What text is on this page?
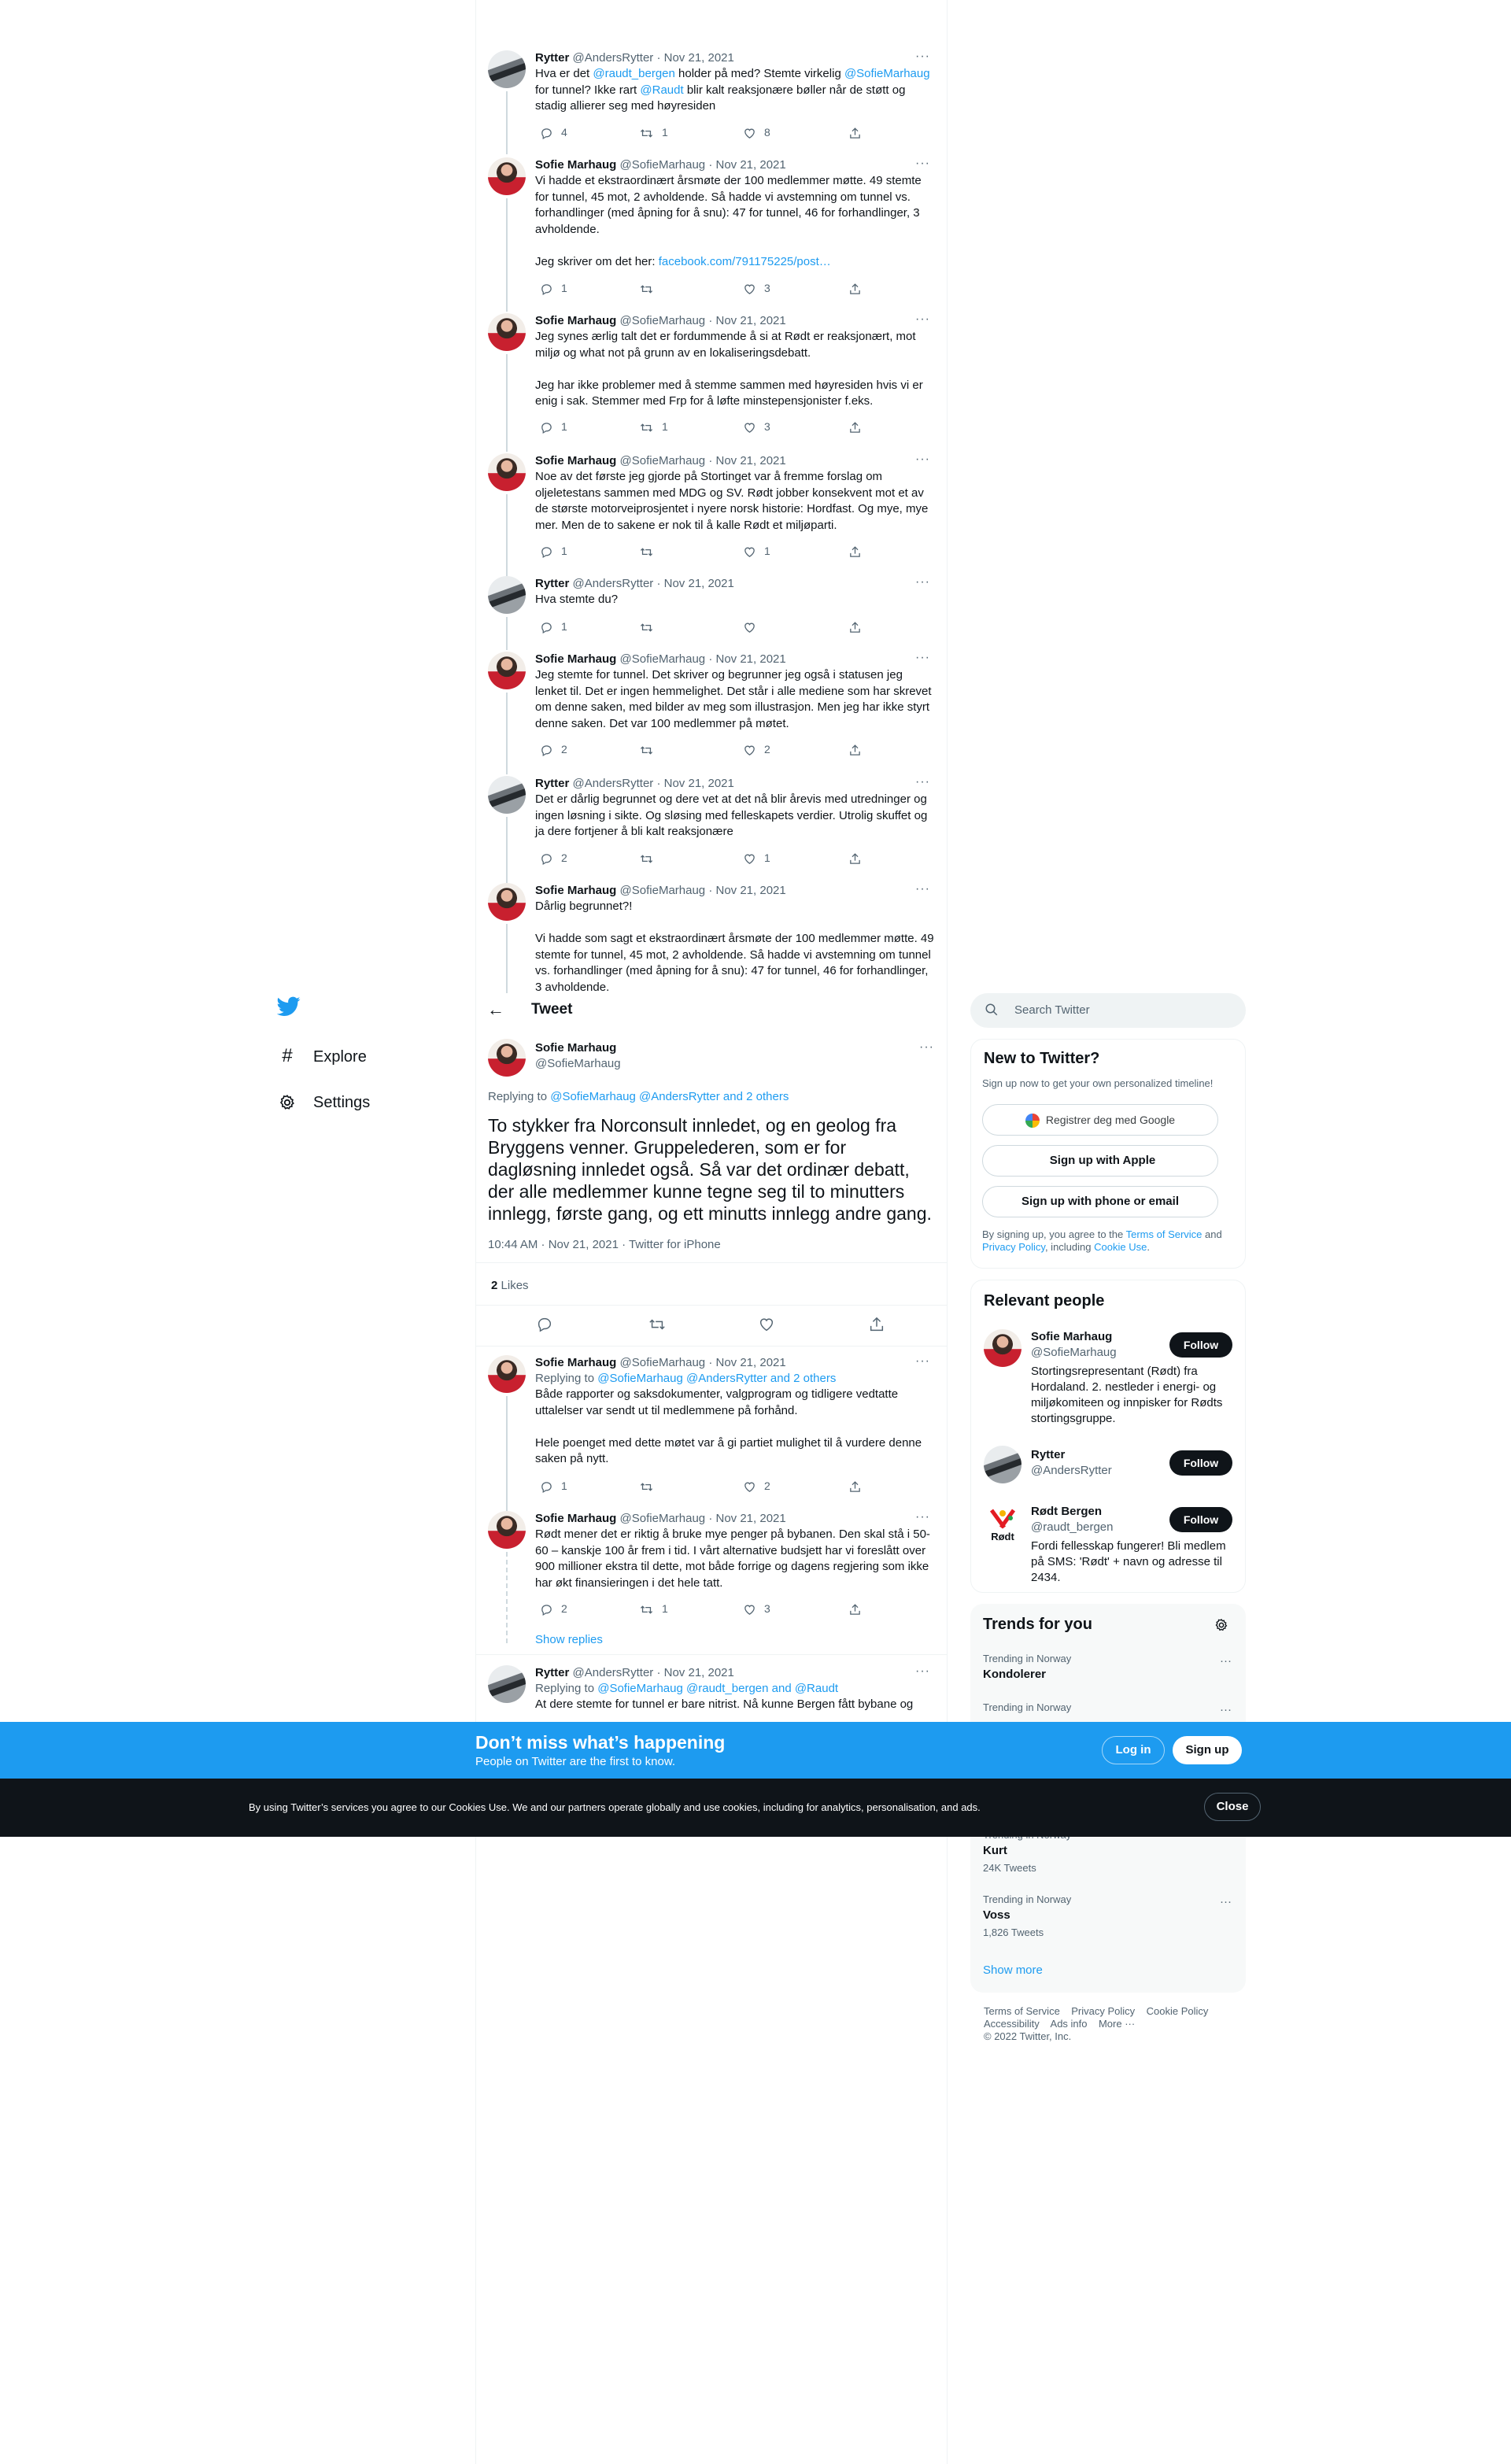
Rytter @AndersRytter · Nov 21, 2021	···
Hva er det @raudt_bergen holder på med? Stemte virkelig @SofieMarhaug for tunnel? Ikke rart @Raudt blir kalt reaksjonære bøller når de støtt og stadig allierer seg med høyresiden
4	1	8
Sofie Marhaug @SofieMarhaug · Nov 21, 2021	···
Vi hadde et ekstraordinært årsmøte der 100 medlemmer møtte. 49 stemte for tunnel, 45 mot, 2 avholdende. Så hadde vi avstemning om tunnel vs. forhandlinger (med åpning for å snu): 47 for tunnel, 46 for forhandlinger, 3 avholdende.

Jeg skriver om det her: facebook.com/791175225/post…
1	3
Sofie Marhaug @SofieMarhaug · Nov 21, 2021	···
Jeg synes ærlig talt det er fordummende å si at Rødt er reaksjonært, mot miljø og what not på grunn av en lokaliseringsdebatt.

Jeg har ikke problemer med å stemme sammen med høyresiden hvis vi er enig i sak. Stemmer med Frp for å løfte minstepensjonister f.eks.
1	1	3
Sofie Marhaug @SofieMarhaug · Nov 21, 2021	···
Noe av det første jeg gjorde på Stortinget var å fremme forslag om oljeletestans sammen med MDG og SV. Rødt jobber konsekvent mot et av de største motorveiprosjentet i nyere norsk historie: Hordfast. Og mye, mye mer. Men de to sakene er nok til å kalle Rødt et miljøparti.
1	1
Rytter @AndersRytter · Nov 21, 2021	···
Hva stemte du?
1
Sofie Marhaug @SofieMarhaug · Nov 21, 2021	···
Jeg stemte for tunnel. Det skriver og begrunner jeg også i statusen jeg lenket til. Det er ingen hemmelighet. Det står i alle mediene som har skrevet om denne saken, med bilder av meg som illustrasjon. Men jeg har ikke styrt denne saken. Det var 100 medlemmer på møtet.
2	2
Rytter @AndersRytter · Nov 21, 2021	···
Det er dårlig begrunnet og dere vet at det nå blir årevis med utredninger og ingen løsning i sikte. Og sløsing med felleskapets verdier. Utrolig skuffet og ja dere fortjener å bli kalt reaksjonære
2	1
Sofie Marhaug @SofieMarhaug · Nov 21, 2021	···
Dårlig begrunnet?!

Vi hadde som sagt et ekstraordinært årsmøte der 100 medlemmer møtte. 49 stemte for tunnel, 45 mot, 2 avholdende. Så hadde vi avstemning om tunnel vs. forhandlinger (med åpning for å snu): 47 for tunnel, 46 for forhandlinger, 3 avholdende.
# Explore
Settings
← Tweet
Sofie Marhaug
@SofieMarhaug
···
Replying to @SofieMarhaug @AndersRytter and 2 others
To stykker fra Norconsult innledet, og en geolog fra Bryggens venner. Gruppelederen, som er for dagløsning innledet også. Så var det ordinær debatt, der alle medlemmer kunne tegne seg til to minutters innlegg, første gang, og ett minutts innlegg andre gang.
10:44 AM · Nov 21, 2021 · Twitter for iPhone
2 Likes
Sofie Marhaug @SofieMarhaug · Nov 21, 2021	···
Replying to @SofieMarhaug @AndersRytter and 2 others
Både rapporter og saksdokumenter, valgprogram og tidligere vedtatte uttalelser var sendt ut til medlemmene på forhånd.

Hele poenget med dette møtet var å gi partiet mulighet til å vurdere denne saken på nytt.
1	2
Sofie Marhaug @SofieMarhaug · Nov 21, 2021	···
Rødt mener det er riktig å bruke mye penger på bybanen. Den skal stå i 50-60 – kanskje 100 år frem i tid. I vårt alternative budsjett har vi foreslått over 900 millioner ekstra til dette, mot både forrige og dagens regjering som ikke har økt finansieringen i det hele tatt.
2	1	3
Show replies
Rytter @AndersRytter · Nov 21, 2021	···
Replying to @SofieMarhaug @raudt_bergen and @Raudt
At dere stemte for tunnel er bare nitrist. Nå kunne Bergen fått bybane og
Search Twitter
New to Twitter?
Sign up now to get your own personalized timeline!
Registrer deg med Google
Sign up with Apple
Sign up with phone or email
By signing up, you agree to the Terms of Service and Privacy Policy, including Cookie Use.
Relevant people
Sofie Marhaug
@SofieMarhaug
Follow
Stortingsrepresentant (Rødt) fra Hordaland. 2. nestleder i energi- og miljøkomiteen og innpisker for Rødts stortingsgruppe.
Rytter
@AndersRytter
Follow
Rødt
Rødt Bergen
@raudt_bergen
Follow
Fordi fellesskap fungerer! Bli medlem på SMS: 'Rødt' + navn og adresse til 2434.
Trends for you
Trending in Norway
Kondolerer
···
Trending in Norway	···
Kurt
24K Tweets
Trending in Norway
Voss
1,826 Tweets
···
Show more
Terms of Service Privacy Policy Cookie Policy
Accessibility Ads info More ···
© 2022 Twitter, Inc.
Don’t miss what’s happening
People on Twitter are the first to know.
Log in	Sign up
By using Twitter’s services you agree to our Cookies Use. We and our partners operate globally and use cookies, including for analytics, personalisation, and ads.	Close
